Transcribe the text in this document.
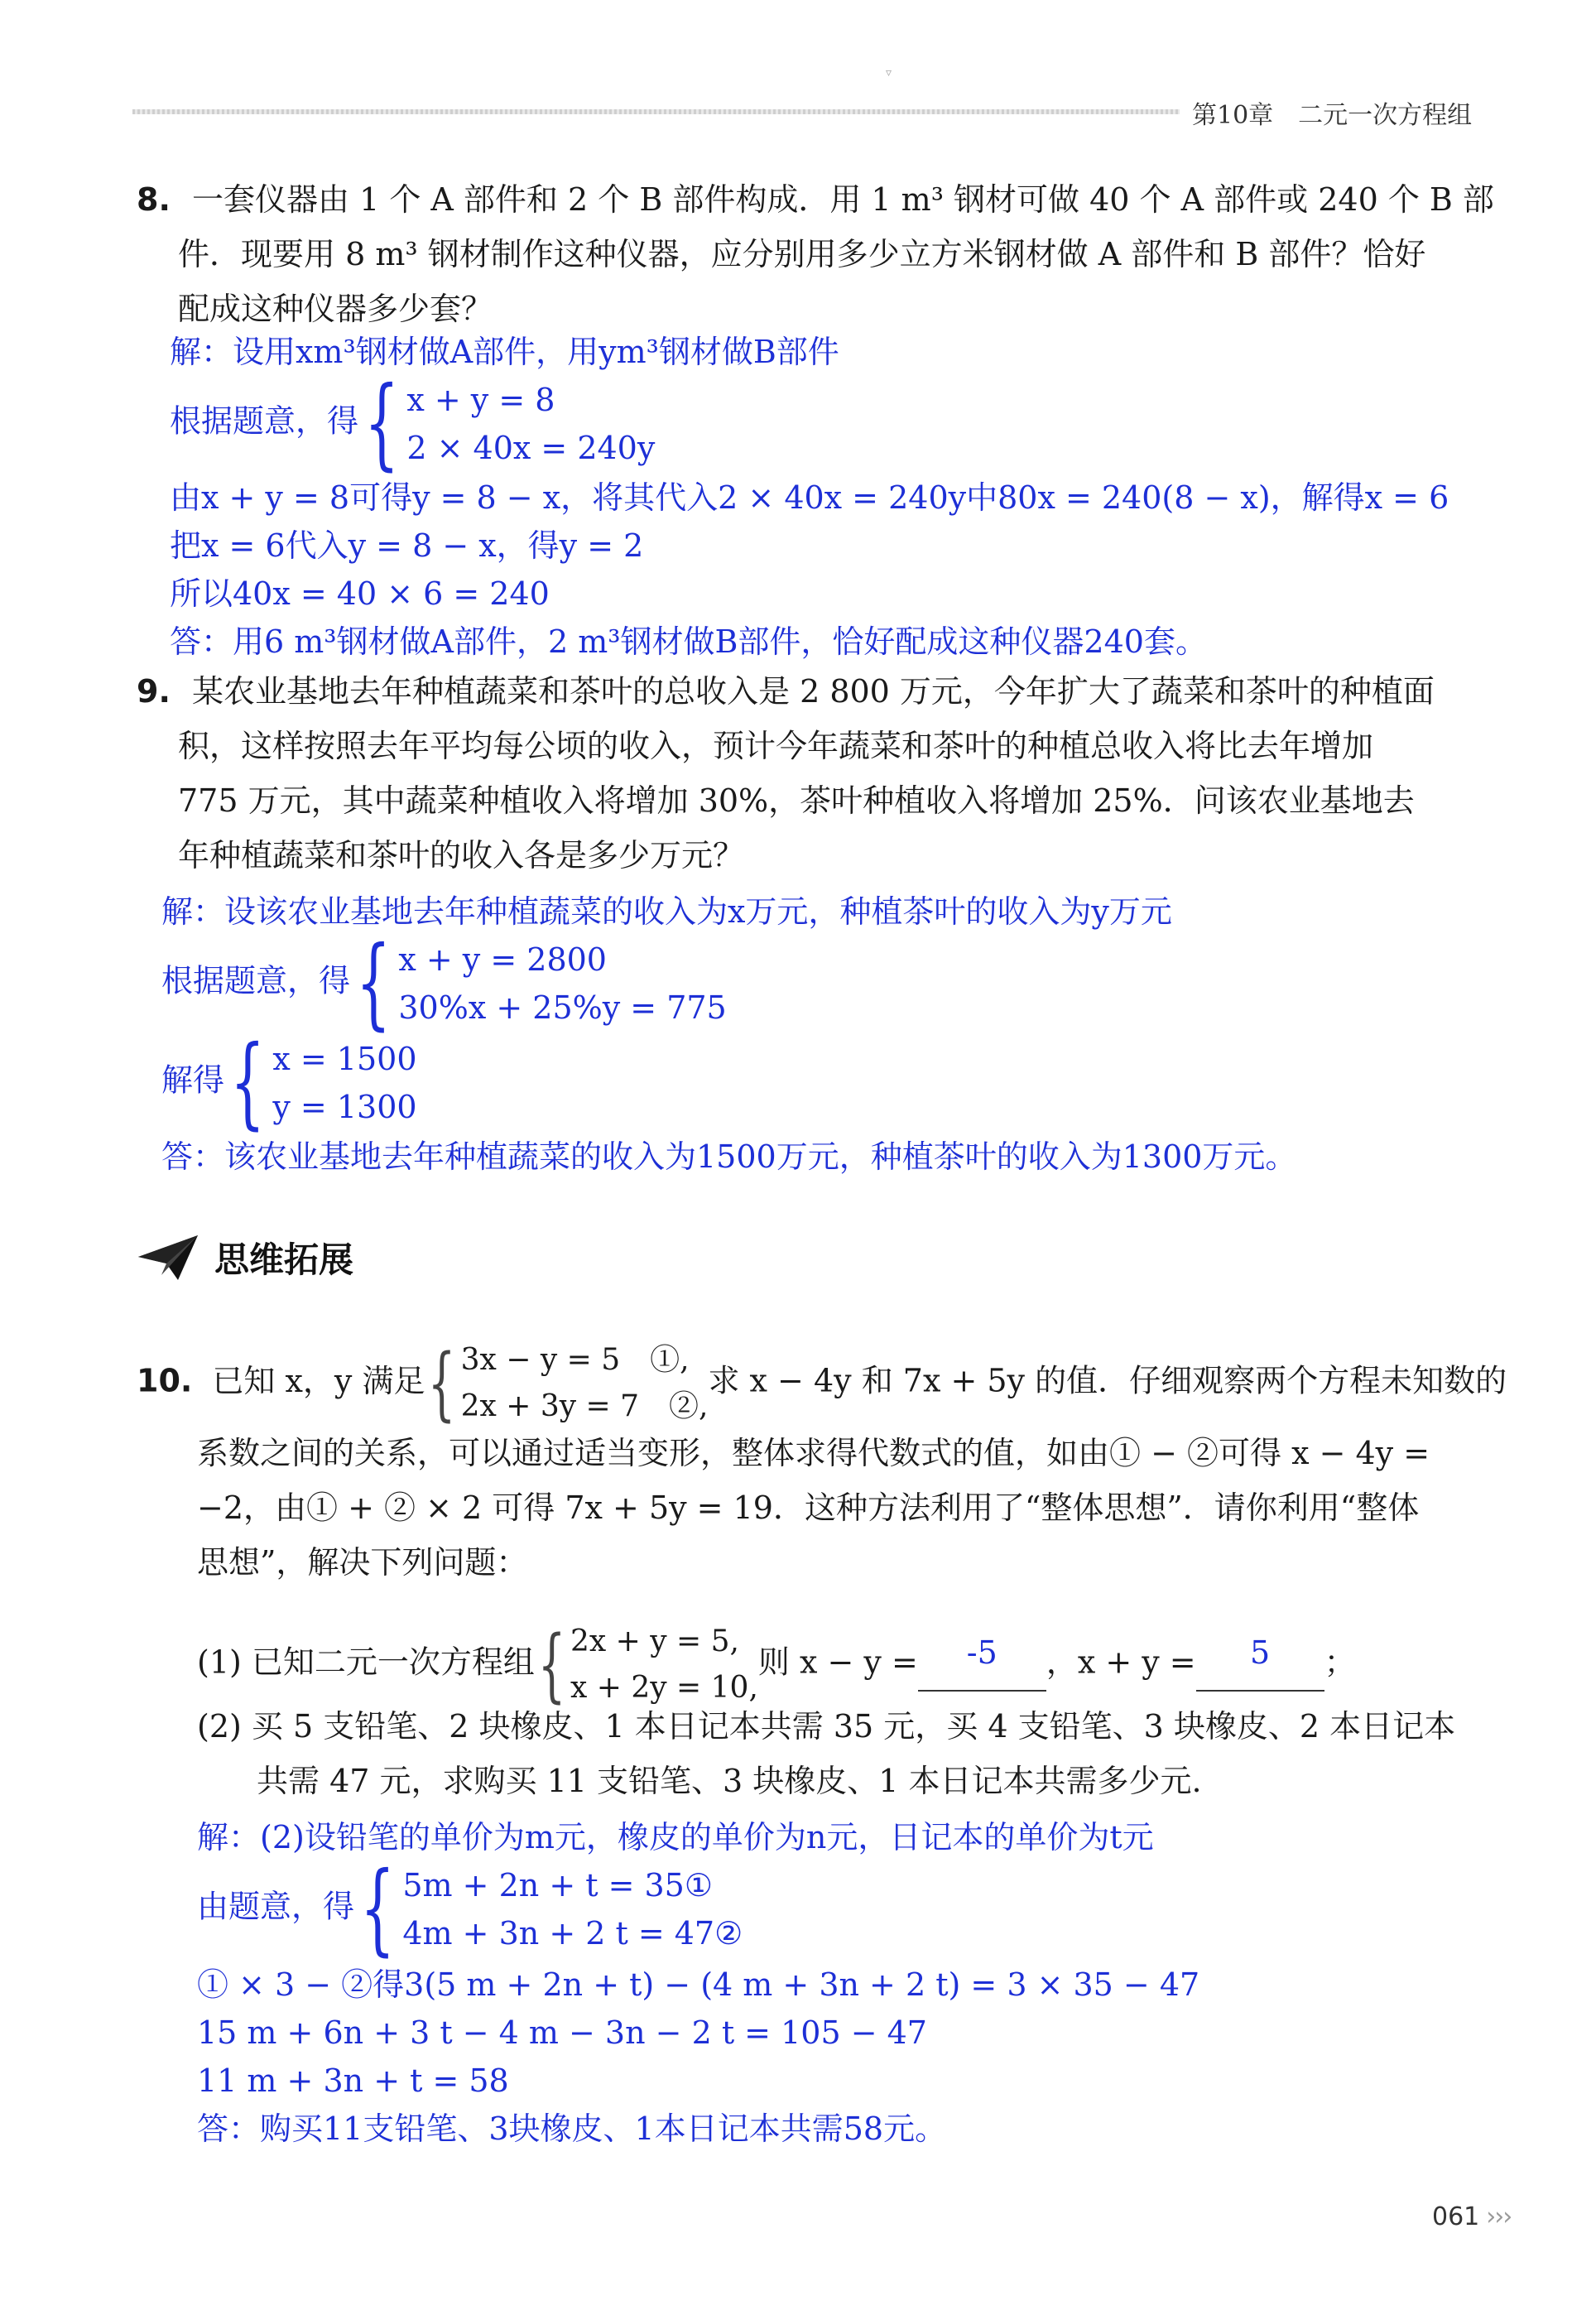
▿
第10章　二元一次方程组
8. 一套仪器由 1 个 A 部件和 2 个 B 部件构成．用 1 m³ 钢材可做 40 个 A 部件或 240 个 B 部
件．现要用 8 m³ 钢材制作这种仪器，应分别用多少立方米钢材做 A 部件和 B 部件？恰好
配成这种仪器多少套？
解：设用xm³钢材做A部件，用ym³钢材做B部件
根据题意，得{ x + y = 8
2 × 40x = 240y
由x + y = 8可得y = 8 − x，将其代入2 × 40x = 240y中80x = 240(8 − x)，解得x = 6
把x = 6代入y = 8 − x，得y = 2
所以40x = 40 × 6 = 240
答：用6 m³钢材做A部件，2 m³钢材做B部件，恰好配成这种仪器240套。
9. 某农业基地去年种植蔬菜和茶叶的总收入是 2 800 万元，今年扩大了蔬菜和茶叶的种植面
积，这样按照去年平均每公顷的收入，预计今年蔬菜和茶叶的种植总收入将比去年增加
775 万元，其中蔬菜种植收入将增加 30%，茶叶种植收入将增加 25%．问该农业基地去
年种植蔬菜和茶叶的收入各是多少万元？
解：设该农业基地去年种植蔬菜的收入为x万元，种植茶叶的收入为y万元
根据题意，得{ x + y = 2800
30%x + 25%y = 775
解得{ x = 1500
y = 1300
答：该农业基地去年种植蔬菜的收入为1500万元，种植茶叶的收入为1300万元。
思维拓展
10. 已知 x，y 满足{ 3x − y = 5　①,
2x + 3y = 7　②,
求 x − 4y 和 7x + 5y 的值．仔细观察两个方程未知数的
系数之间的关系，可以通过适当变形，整体求得代数式的值，如由① − ②可得 x − 4y =
−2，由① + ② × 2 可得 7x + 5y = 19．这种方法利用了“整体思想”．请你利用“整体
思想”，解决下列问题：
(1) 已知二元一次方程组{ 2x + y = 5,
x + 2y = 10,
则 x − y = -5 ，x + y = 5 ；
(2) 买 5 支铅笔、2 块橡皮、1 本日记本共需 35 元，买 4 支铅笔、3 块橡皮、2 本日记本
共需 47 元，求购买 11 支铅笔、3 块橡皮、1 本日记本共需多少元.
解：(2)设铅笔的单价为m元，橡皮的单价为n元，日记本的单价为t元
由题意，得{ 5m + 2n + t = 35①
4m + 3n + 2 t = 47②
① × 3 − ②得3(5 m + 2n + t) − (4 m + 3n + 2 t) = 3 × 35 − 47
15 m + 6n + 3 t − 4 m − 3n − 2 t = 105 − 47
11 m + 3n + t = 58
答：购买11支铅笔、3块橡皮、1本日记本共需58元。
061 ›››
